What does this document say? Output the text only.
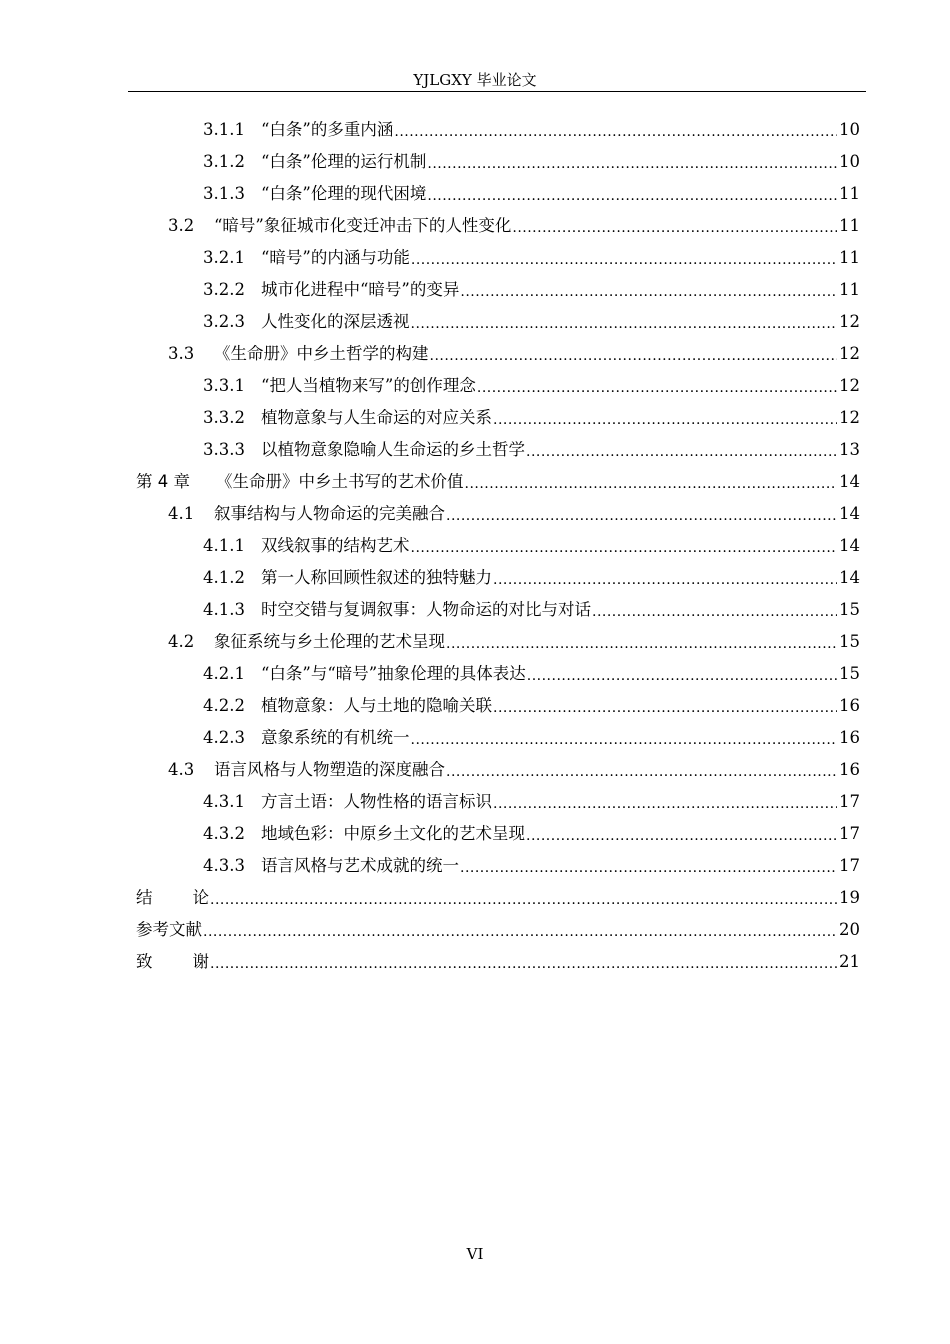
YJLGXY 毕业论文
3.1.1 “白条”的多重内涵 .....	10
3.1.2 “白条”伦理的运行机制 .....	10
3.1.3 “白条”伦理的现代困境 .....	11
3.2	“暗号”象征城市化变迁冲击下的人性变化 .....	11
3.2.1 “暗号”的内涵与功能 .....	11
3.2.2 城市化进程中“暗号”的变异 .....	11
3.2.3 人性变化的深层透视 .....	12
3.3	《生命册》中乡土哲学的构建 .....	12
3.3.1 “把人当植物来写”的创作理念 .....	12
3.3.2 植物意象与人生命运的对应关系 .....	12
3.3.3 以植物意象隐喻人生命运的乡土哲学 .....	13
第 4 章	《生命册》中乡土书写的艺术价值 .....	14
4.1	叙事结构与人物命运的完美融合 .....	14
4.1.1 双线叙事的结构艺术 .....	14
4.1.2 第一人称回顾性叙述的独特魅力 .....	14
4.1.3 时空交错与复调叙事：人物命运的对比与对话 .....	15
4.2	象征系统与乡土伦理的艺术呈现 .....	15
4.2.1 “白条”与“暗号”抽象伦理的具体表达 .....	15
4.2.2 植物意象：人与土地的隐喻关联 .....	16
4.2.3 意象系统的有机统一 .....	16
4.3	语言风格与人物塑造的深度融合 .....	16
4.3.1 方言土语：人物性格的语言标识 .....	17
4.3.2 地域色彩：中原乡土文化的艺术呈现 .....	17
4.3.3 语言风格与艺术成就的统一 .....	17
结论 .....	19
参考文献 .....	20
致谢 .....	21
VI
